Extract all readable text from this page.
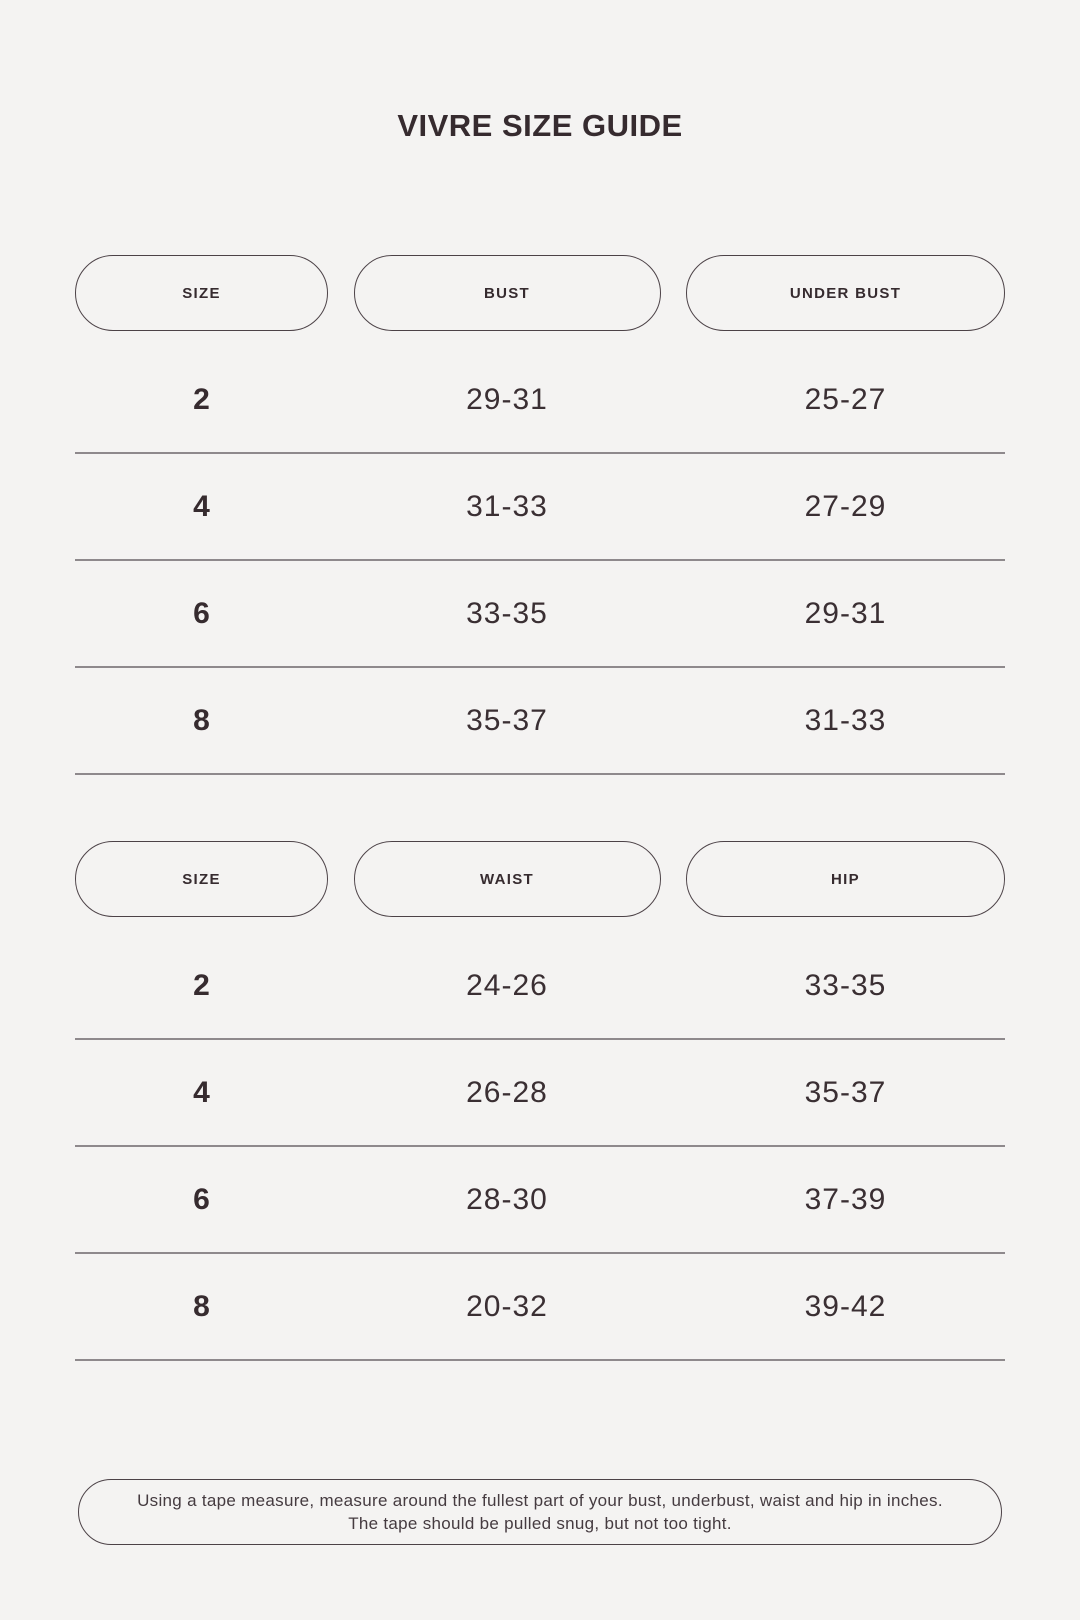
VIVRE SIZE GUIDE
SIZE	BUST	UNDER BUST
2	29-31	25-27
4	31-33	27-29
6	33-35	29-31
8	35-37	31-33
SIZE	WAIST	HIP
2	24-26	33-35
4	26-28	35-37
6	28-30	37-39
8	20-32	39-42
Using a tape measure, measure around the fullest part of your bust, underbust, waist and hip in inches.
The tape should be pulled snug, but not too tight.
